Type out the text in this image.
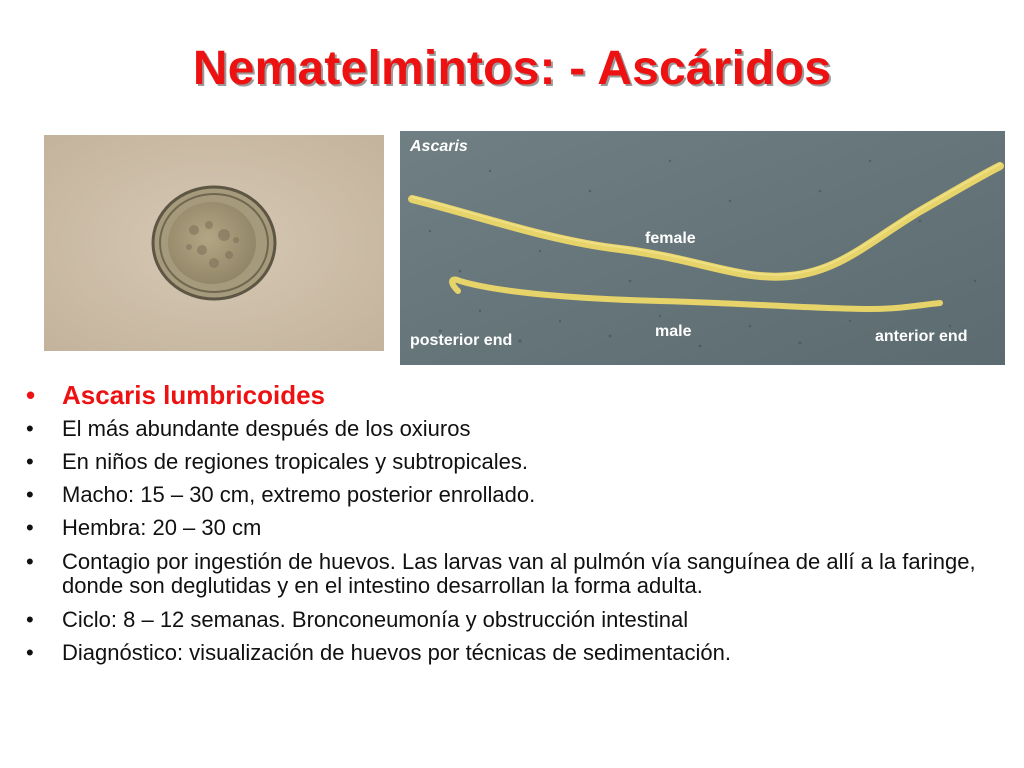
Nematelmintos: - Ascáridos
Ascaris
female
male
posterior end	anterior end
• Ascaris lumbricoides
• El más abundante después de los oxiuros
• En niños de regiones tropicales y subtropicales.
• Macho: 15 – 30 cm, extremo posterior enrollado.
• Hembra: 20 – 30 cm
• Contagio por ingestión de huevos. Las larvas van al pulmón vía sanguínea de allí a la faringe, donde son deglutidas y en el intestino desarrollan la forma adulta.
• Ciclo: 8 – 12 semanas. Bronconeumonía y obstrucción intestinal
• Diagnóstico: visualización de huevos por técnicas de sedimentación.
